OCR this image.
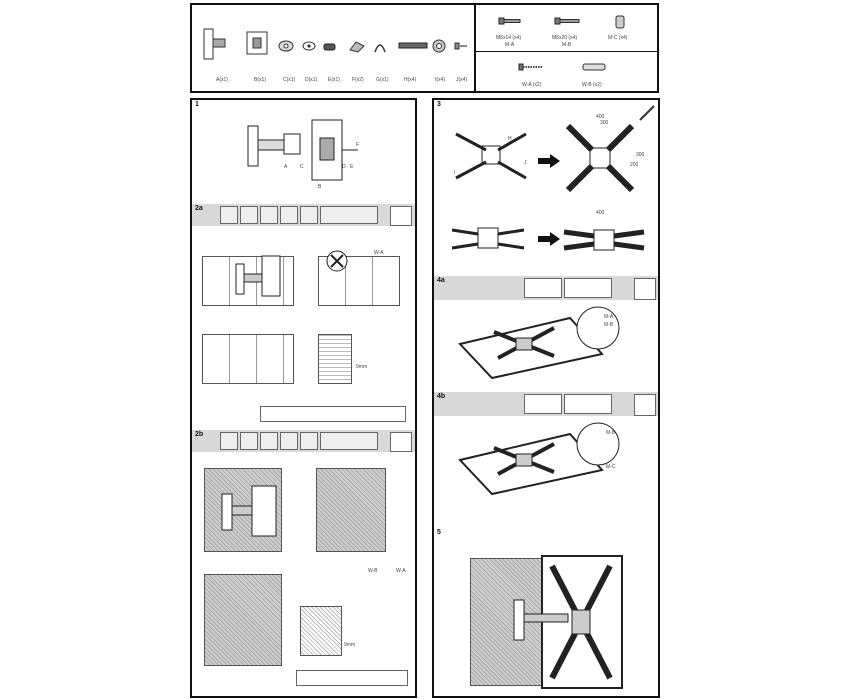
A(x1)	B(x1)	C(x1) D(x1) E(x1) F(x2) G(x1)	H(x4)	I(x4) J(x4)
M6x14 (x4)
M-A
M6x20 (x4)
M-B
M-C (x4)
W-A (x2)	W-B (x2)
1
A	C
B
D E
F
2a
W-A
9mm
2b
W-B	W-A
9mm
3
H
J
I
400
300
300
200
400
4a
M-A
M-B
4b
M-B
M-C
5
